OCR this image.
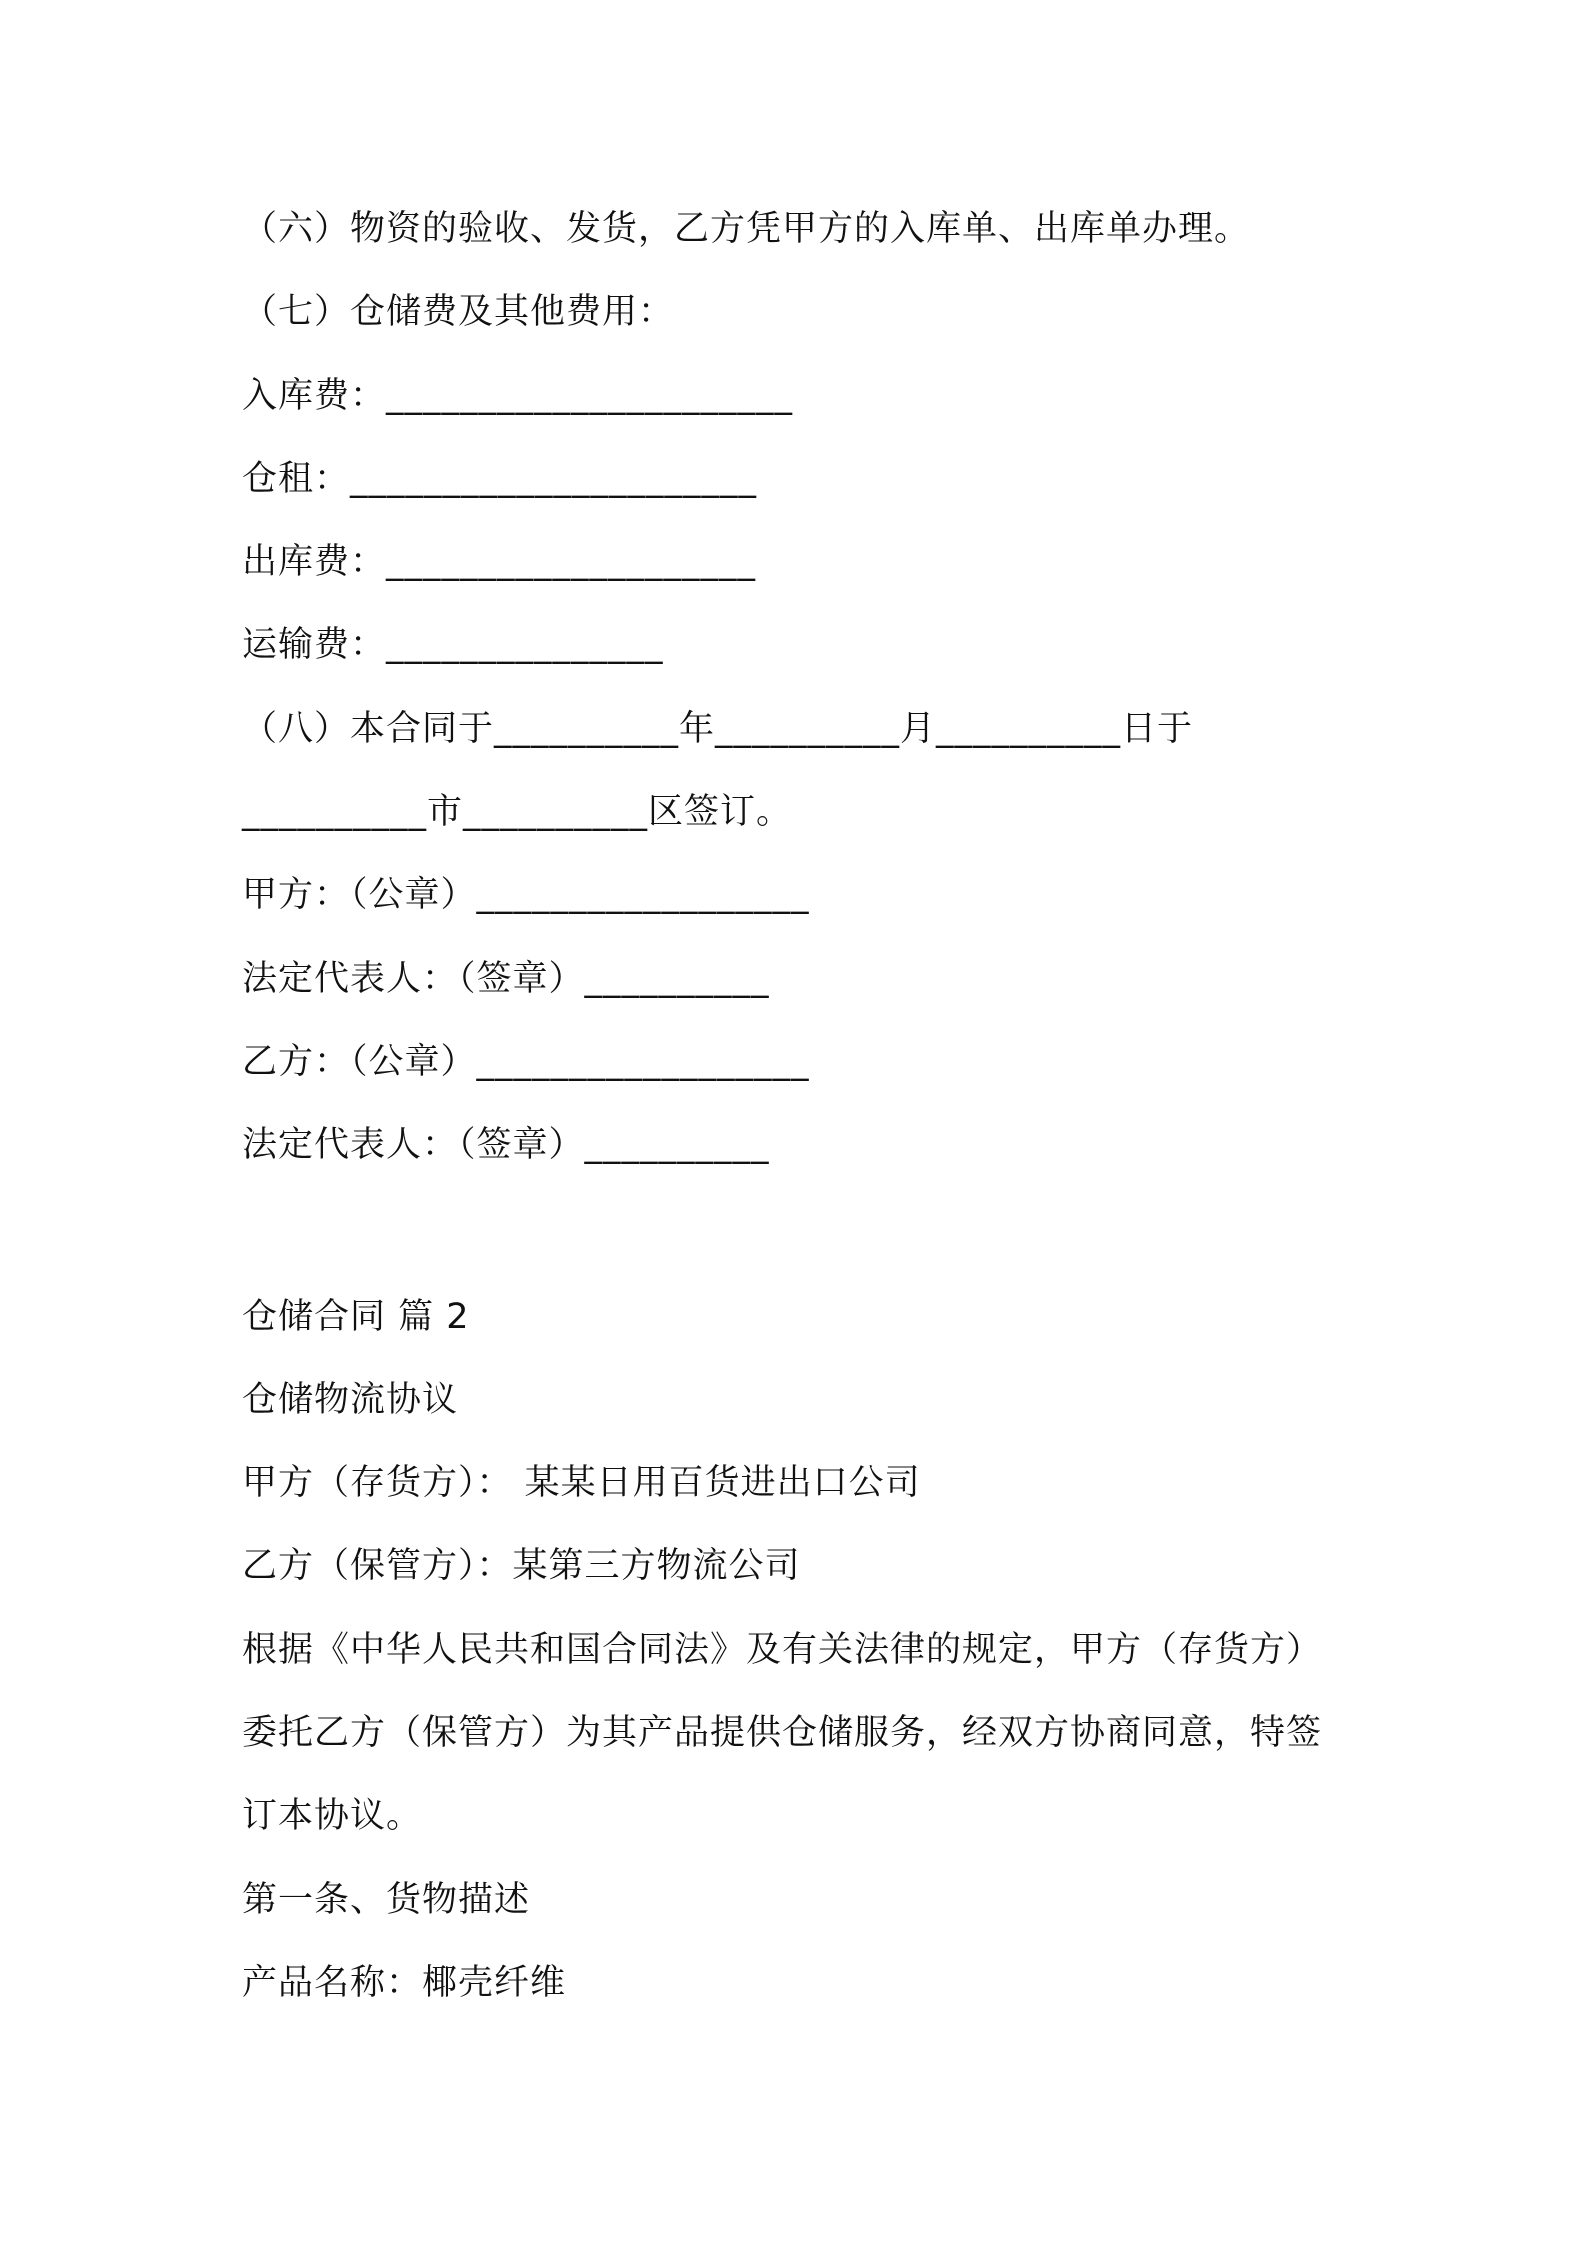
（六）物资的验收、发货，乙方凭甲方的入库单、出库单办理。
（七）仓储费及其他费用：
入库费：______________________
仓租：______________________
出库费：____________________
运输费：_______________
（八）本合同于__________年__________月__________日于
__________市__________区签订。
甲方：（公章）__________________
法定代表人：（签章）__________
乙方：（公章）__________________
法定代表人：（签章）__________
仓储合同 篇 2
仓储物流协议
甲方（存货方）： 某某日用百货进出口公司
乙方（保管方）：某第三方物流公司
根据《中华人民共和国合同法》及有关法律的规定，甲方（存货方）
委托乙方（保管方）为其产品提供仓储服务，经双方协商同意，特签
订本协议。
第一条、货物描述
产品名称：椰壳纤维
